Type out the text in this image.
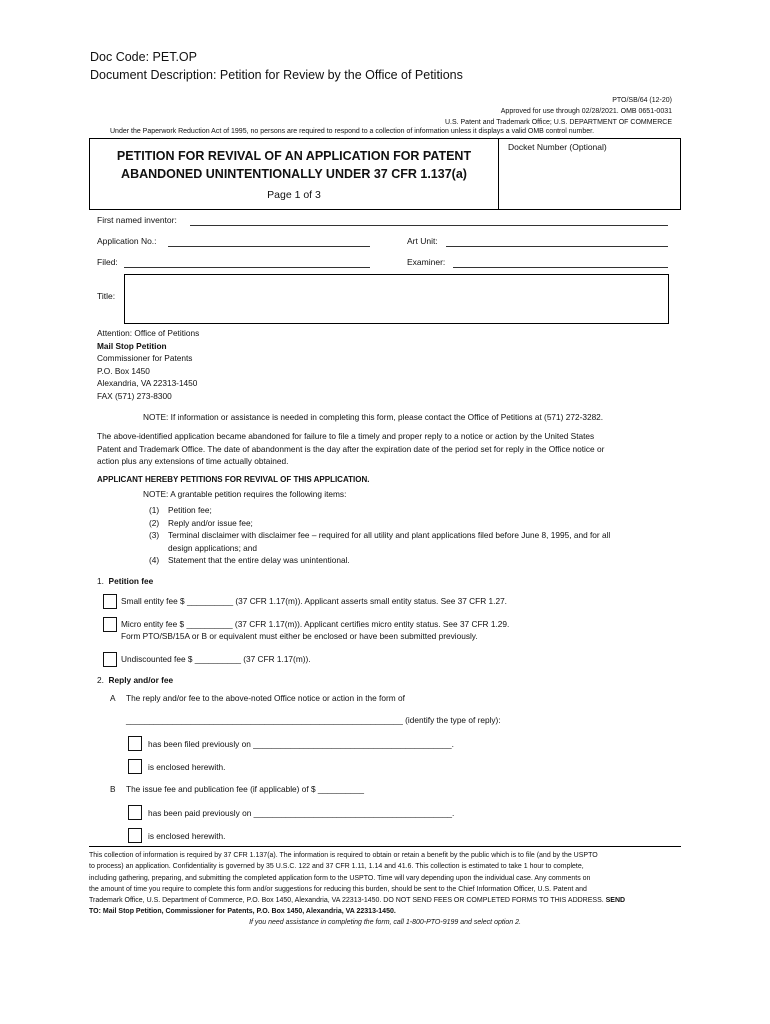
Doc Code: PET.OP
Document Description: Petition for Review by the Office of Petitions
PTO/SB/64 (12-20)
Approved for use through 02/28/2021. OMB 0651-0031
U.S. Patent and Trademark Office; U.S. DEPARTMENT OF COMMERCE
Under the Paperwork Reduction Act of 1995, no persons are required to respond to a collection of information unless it displays a valid OMB control number.
PETITION FOR REVIVAL OF AN APPLICATION FOR PATENT
ABANDONED UNINTENTIONALLY UNDER 37 CFR 1.137(a)
Page 1 of 3
Docket Number (Optional)
First named inventor:
Application No.:	Art Unit:
Filed:	Examiner:
Title:
Attention: Office of Petitions
Mail Stop Petition
Commissioner for Patents
P.O. Box 1450
Alexandria, VA 22313-1450
FAX (571) 273-8300
NOTE: If information or assistance is needed in completing this form, please contact the Office of Petitions at (571) 272-3282.
The above-identified application became abandoned for failure to file a timely and proper reply to a notice or action by the United States
Patent and Trademark Office. The date of abandonment is the day after the expiration date of the period set for reply in the Office notice or
action plus any extensions of time actually obtained.
APPLICANT HEREBY PETITIONS FOR REVIVAL OF THIS APPLICATION.
NOTE: A grantable petition requires the following items:
(1)	Petition fee;
(2)	Reply and/or issue fee;
(3)	Terminal disclaimer with disclaimer fee – required for all utility and plant applications filed before June 8, 1995, and for all
design applications; and
(4)	Statement that the entire delay was unintentional.
1. Petition fee
Small entity fee $ __________ (37 CFR 1.17(m)). Applicant asserts small entity status. See 37 CFR 1.27.
Micro entity fee $ __________ (37 CFR 1.17(m)). Applicant certifies micro entity status. See 37 CFR 1.29.
Form PTO/SB/15A or B or equivalent must either be enclosed or have been submitted previously.
Undiscounted fee $ __________ (37 CFR 1.17(m)).
2. Reply and/or fee
A The reply and/or fee to the above-noted Office notice or action in the form of
____________________________________________________________ (identify the type of reply):
has been filed previously on ___________________________________________.
is enclosed herewith.
B The issue fee and publication fee (if applicable) of $ __________
has been paid previously on ___________________________________________.
is enclosed herewith.
This collection of information is required by 37 CFR 1.137(a). The information is required to obtain or retain a benefit by the public which is to file (and by the USPTO
to process) an application. Confidentiality is governed by 35 U.S.C. 122 and 37 CFR 1.11, 1.14 and 41.6. This collection is estimated to take 1 hour to complete,
including gathering, preparing, and submitting the completed application form to the USPTO. Time will vary depending upon the individual case. Any comments on
the amount of time you require to complete this form and/or suggestions for reducing this burden, should be sent to the Chief Information Officer, U.S. Patent and
Trademark Office, U.S. Department of Commerce, P.O. Box 1450, Alexandria, VA 22313-1450. DO NOT SEND FEES OR COMPLETED FORMS TO THIS ADDRESS. SEND
TO: Mail Stop Petition, Commissioner for Patents, P.O. Box 1450, Alexandria, VA 22313-1450.
If you need assistance in completing the form, call 1-800-PTO-9199 and select option 2.
